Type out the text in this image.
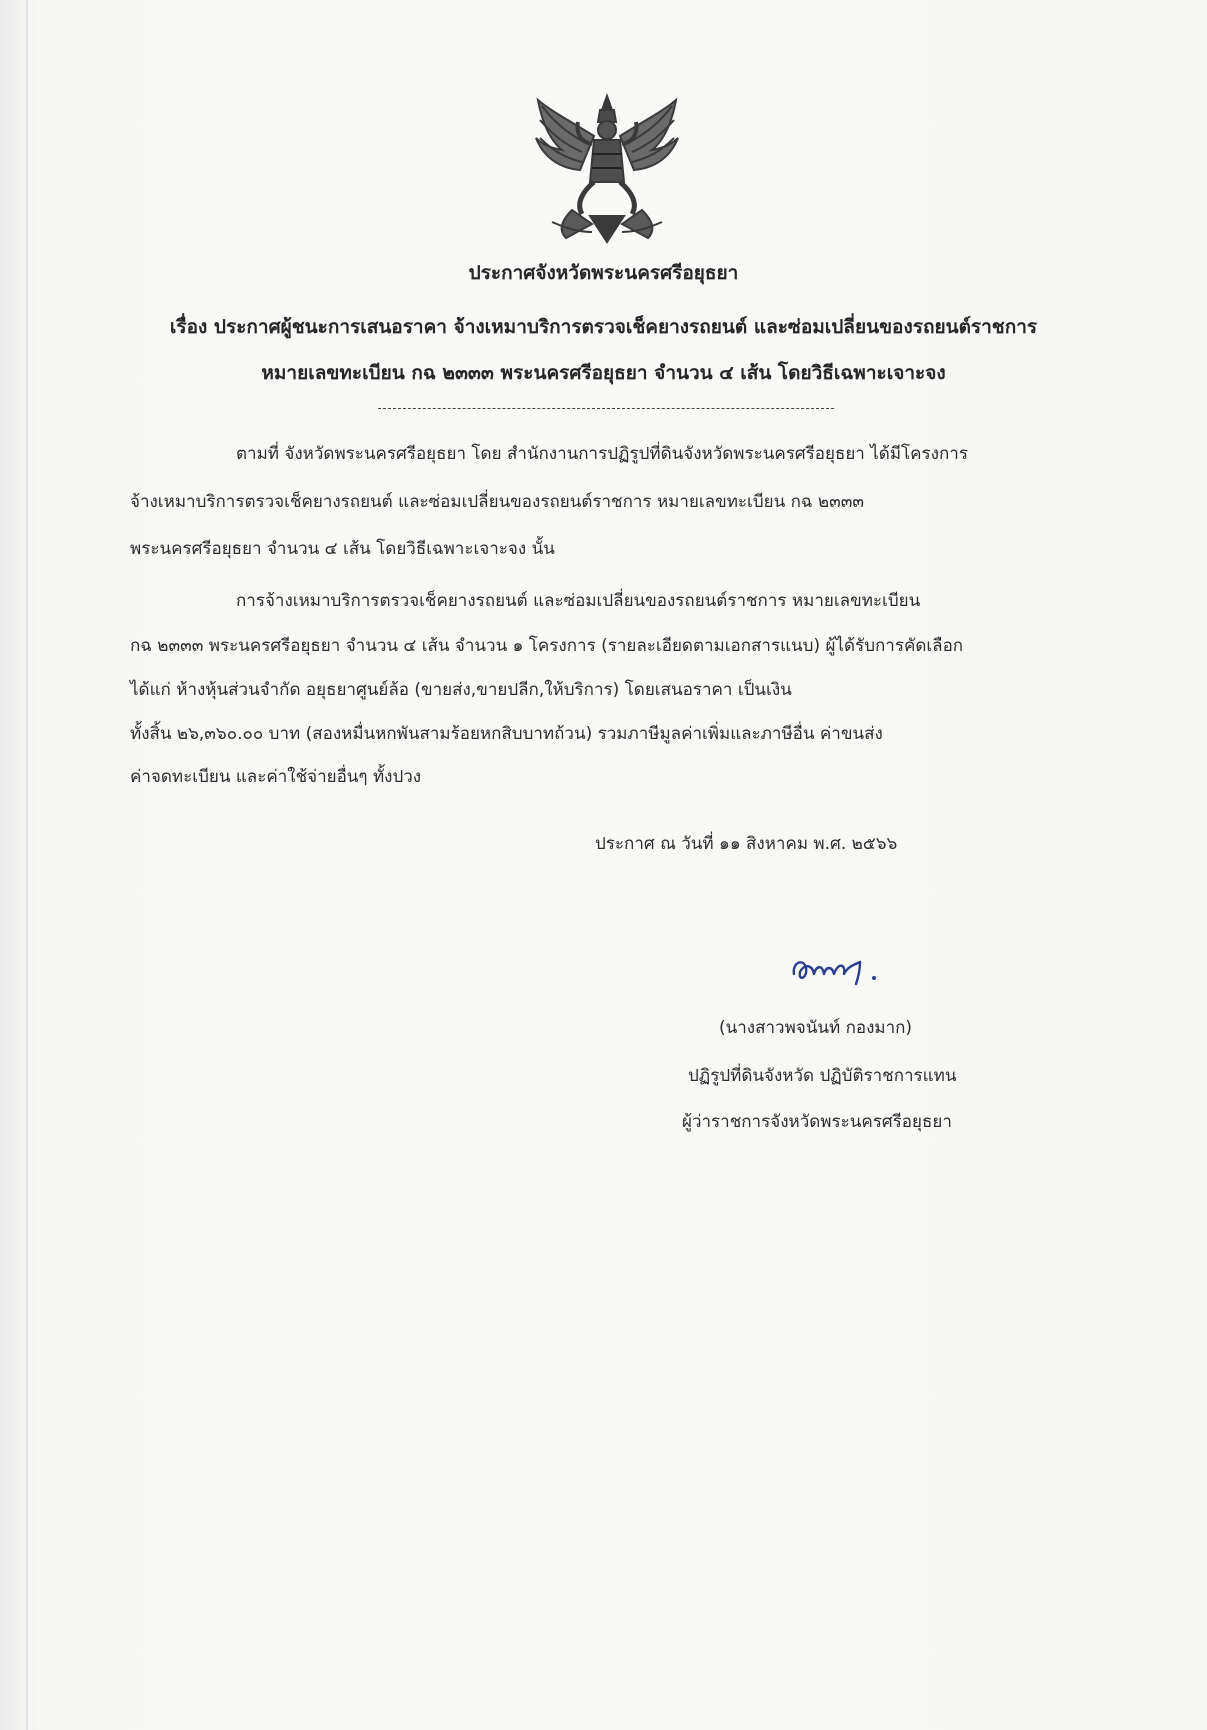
ประกาศจังหวัดพระนครศรีอยุธยา

เรื่อง ประกาศผู้ชนะการเสนอราคา จ้างเหมาบริการตรวจเช็คยางรถยนต์ และซ่อมเปลี่ยนของรถยนต์ราชการ

หมายเลขทะเบียน กฉ ๒๓๓๓ พระนครศรีอยุธยา จำนวน ๔ เส้น โดยวิธีเฉพาะเจาะจง

ตามที่ จังหวัดพระนครศรีอยุธยา โดย สำนักงานการปฏิรูปที่ดินจังหวัดพระนครศรีอยุธยา ได้มีโครงการ

จ้างเหมาบริการตรวจเช็คยางรถยนต์ และซ่อมเปลี่ยนของรถยนต์ราชการ หมายเลขทะเบียน กฉ ๒๓๓๓

พระนครศรีอยุธยา จำนวน ๔ เส้น โดยวิธีเฉพาะเจาะจง นั้น

การจ้างเหมาบริการตรวจเช็คยางรถยนต์ และซ่อมเปลี่ยนของรถยนต์ราชการ หมายเลขทะเบียน

กฉ ๒๓๓๓ พระนครศรีอยุธยา จำนวน ๔ เส้น จำนวน ๑ โครงการ (รายละเอียดตามเอกสารแนบ) ผู้ได้รับการคัดเลือก

ได้แก่ ห้างหุ้นส่วนจำกัด อยุธยาศูนย์ล้อ (ขายส่ง,ขายปลีก,ให้บริการ) โดยเสนอราคา เป็นเงิน

ทั้งสิ้น ๒๖,๓๖๐.๐๐ บาท (สองหมื่นหกพันสามร้อยหกสิบบาทถ้วน) รวมภาษีมูลค่าเพิ่มและภาษีอื่น ค่าขนส่ง

ค่าจดทะเบียน และค่าใช้จ่ายอื่นๆ ทั้งปวง

ประกาศ ณ วันที่ ๑๑ สิงหาคม พ.ศ. ๒๕๖๖

(นางสาวพจนันท์ กองมาก)

ปฏิรูปที่ดินจังหวัด ปฏิบัติราชการแทน

ผู้ว่าราชการจังหวัดพระนครศรีอยุธยา
